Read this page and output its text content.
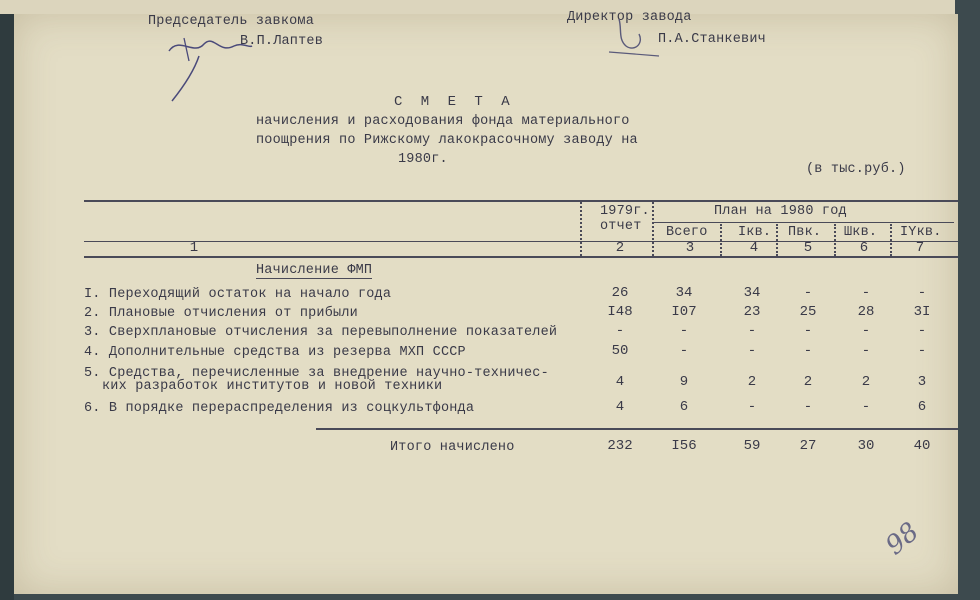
Председатель завкома
В.П.Лаптев
Директор завода
П.А.Станкевич
С М Е Т А
начисления и расходования фонда материального
поощрения по Рижскому лакокрасочному заводу на
1980г.
(в тыс.руб.)
1979г.
отчет
План на 1980 год
Всего Iкв. Пвк. Шкв. IYкв.
1	2	3	4	5	6	7
Начисление ФМП
I. Переходящий остаток на начало года	26	34	34	-	-	-
2. Плановые отчисления от прибыли	I48	I07	23	25	28	3I
3. Сверхплановые отчисления за перевыполнение показателей	-	-	-	-	-	-
4. Дополнительные средства из резерва МХП СССР	50	-	-	-	-	-
5. Средства, перечисленные за внедрение научно-техничес-
ких разработок институтов и новой техники	4	9	2	2	2	3
6. В порядке перераспределения из соцкультфонда	4	6	-	-	-	6
Итого начислено	232	I56	59	27	30	40
98
